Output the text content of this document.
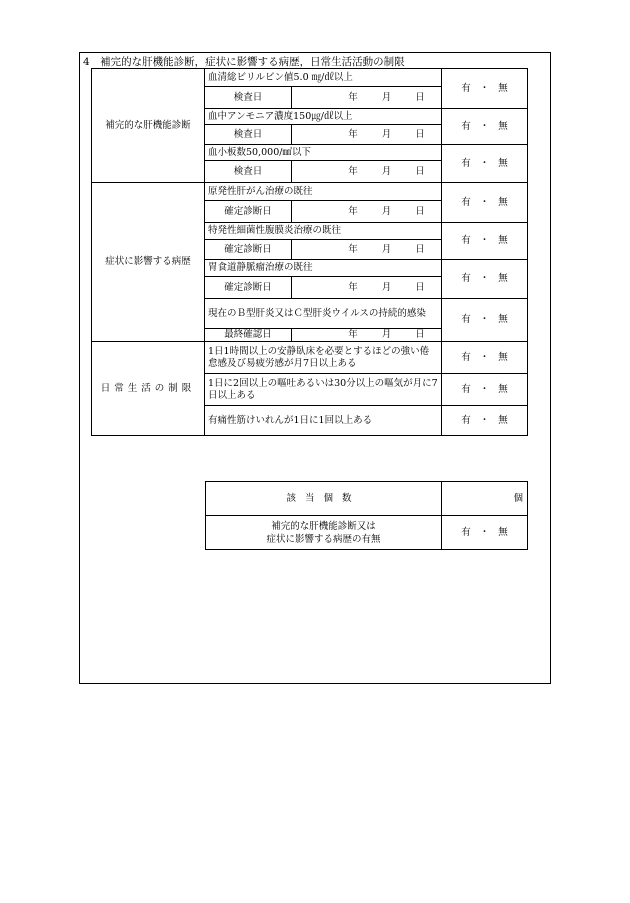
4　補完的な肝機能診断，症状に影響する病歴，日常生活活動の制限
補完的な肝機能診断	血清総ビリルビン値5.0 ㎎/㎗以上		有 ・ 無
	検査日	年 月 日	
	血中アンモニア濃度150㎍/㎗以上		有 ・ 無
	検査日	年 月 日	
	血小板数50,000/㎣以下		有 ・ 無
	検査日	年 月 日	
症状に影響する病歴	原発性肝がん治療の既往		有 ・ 無
	確定診断日	年 月 日	
	特発性細菌性腹膜炎治療の既往		有 ・ 無
	確定診断日	年 月 日	
	胃食道静脈瘤治療の既往		有 ・ 無
	確定診断日	年 月 日	
	現在のＢ型肝炎又はＣ型肝炎ウイルスの持続的感染		有 ・ 無
	最終確認日	年 月 日	
日常生活の制限	1日1時間以上の安静臥床を必要とするほどの強い倦怠感及び易疲労感が月7日以上ある		有 ・ 無
	1日に2回以上の嘔吐あるいは30分以上の嘔気が月に7日以上ある		有 ・ 無
	有痛性筋けいれんが1日に1回以上ある		有 ・ 無
該当個数	個
補完的な肝機能診断又は
症状に影響する病歴の有無	有 ・ 無
